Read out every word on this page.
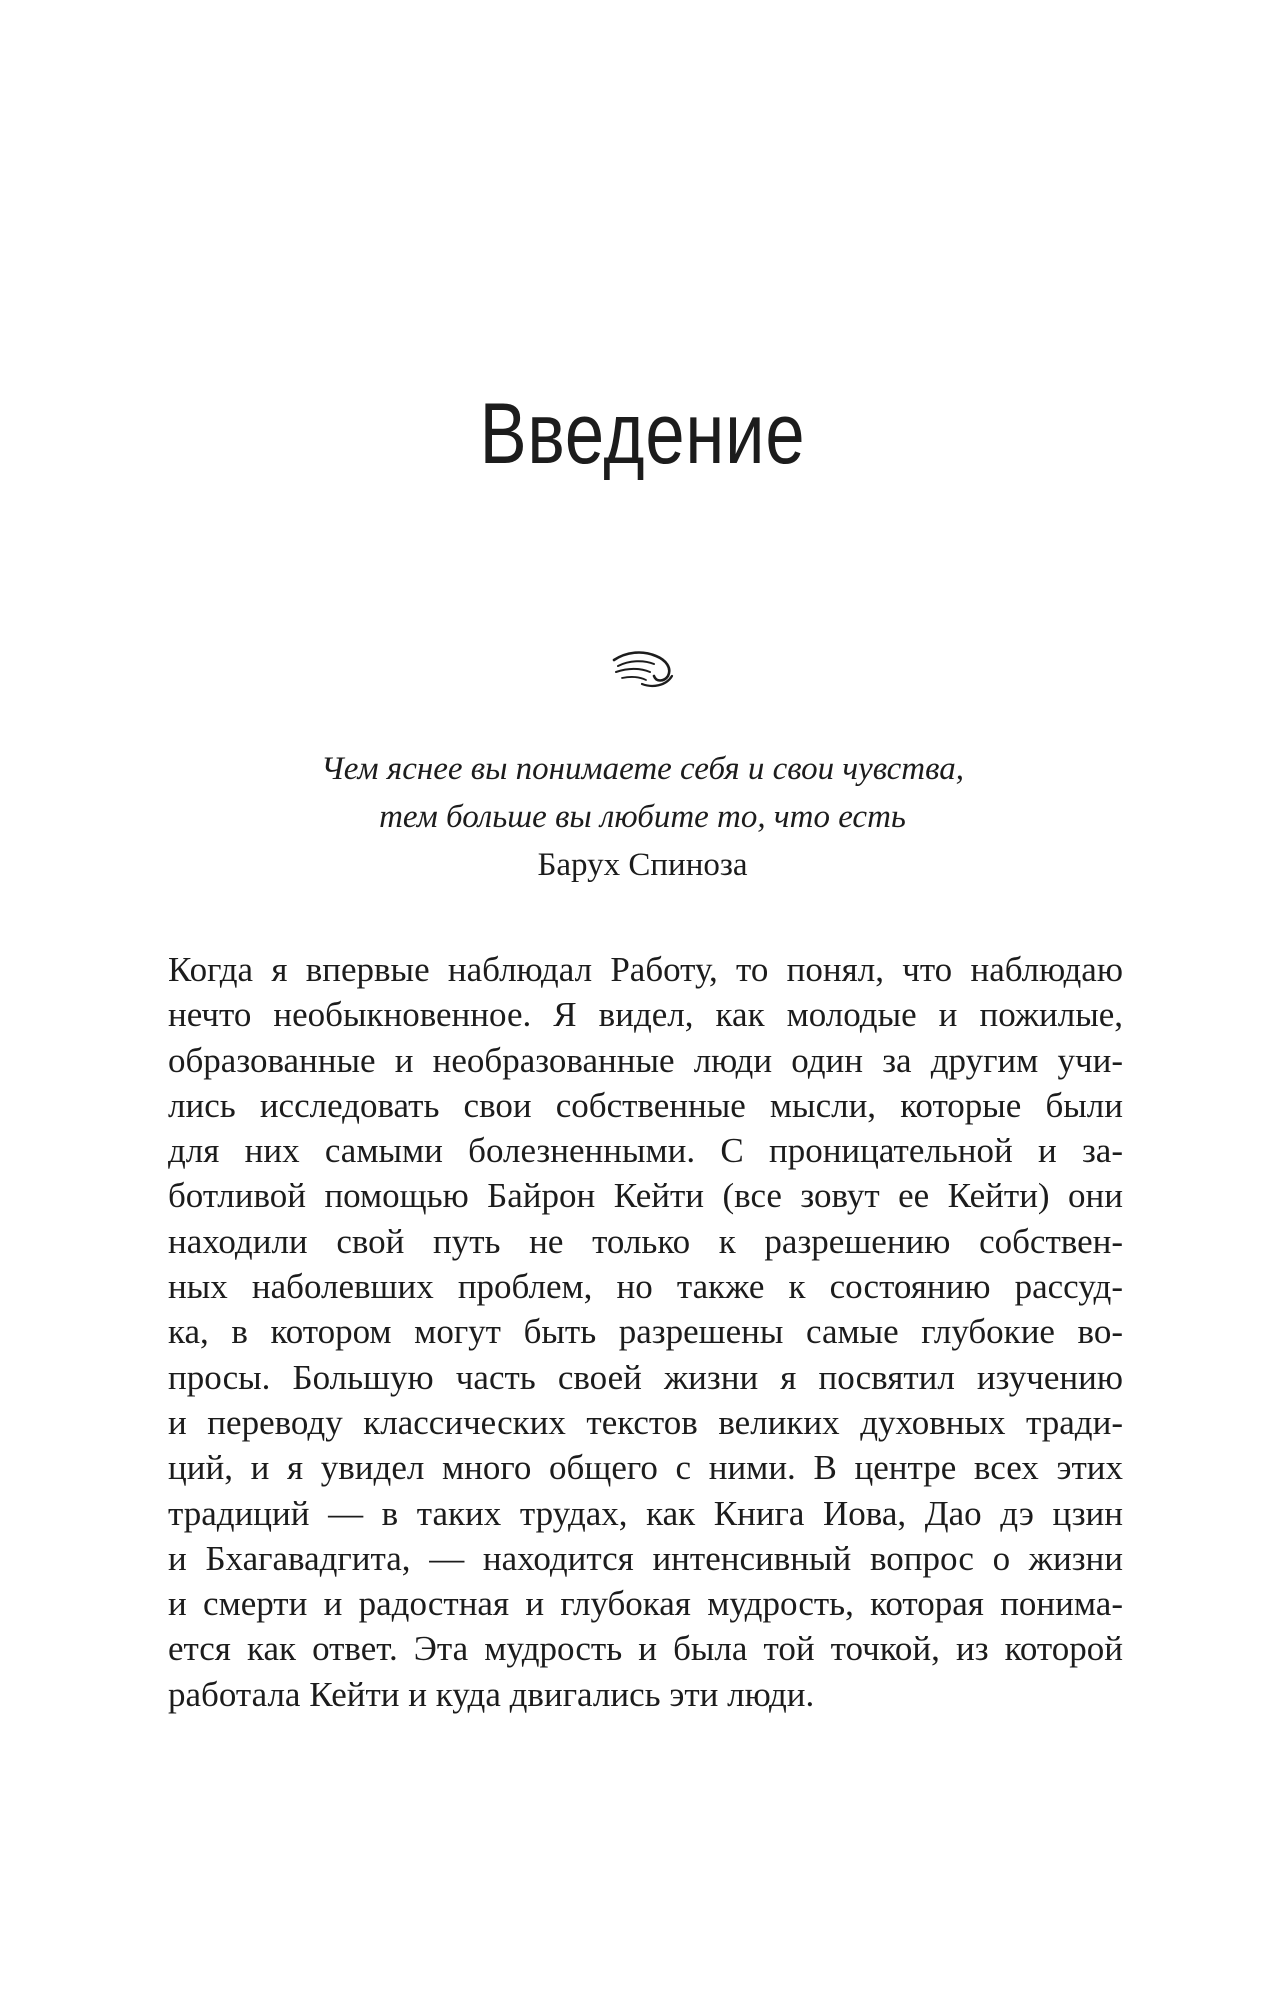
Введение
Чем яснее вы понимаете себя и свои чувства,
тем больше вы любите то, что есть
Барух Спиноза

Когда я впервые наблюдал Работу, то понял, что наблюдаю
нечто необыкновенное. Я видел, как молодые и пожилые,
образованные и необразованные люди один за другим учи-
лись исследовать свои собственные мысли, которые были
для них самыми болезненными. С проницательной и за-
ботливой помощью Байрон Кейти (все зовут ее Кейти) они
находили свой путь не только к разрешению собствен-
ных наболевших проблем, но также к состоянию рассуд-
ка, в котором могут быть разрешены самые глубокие во-
просы. Большую часть своей жизни я посвятил изучению
и переводу классических текстов великих духовных тради-
ций, и я увидел много общего с ними. В центре всех этих
традиций — в таких трудах, как Книга Иова, Дао дэ цзин
и Бхагавадгита, — находится интенсивный вопрос о жизни
и смерти и радостная и глубокая мудрость, которая понима-
ется как ответ. Эта мудрость и была той точкой, из которой
работала Кейти и куда двигались эти люди.
